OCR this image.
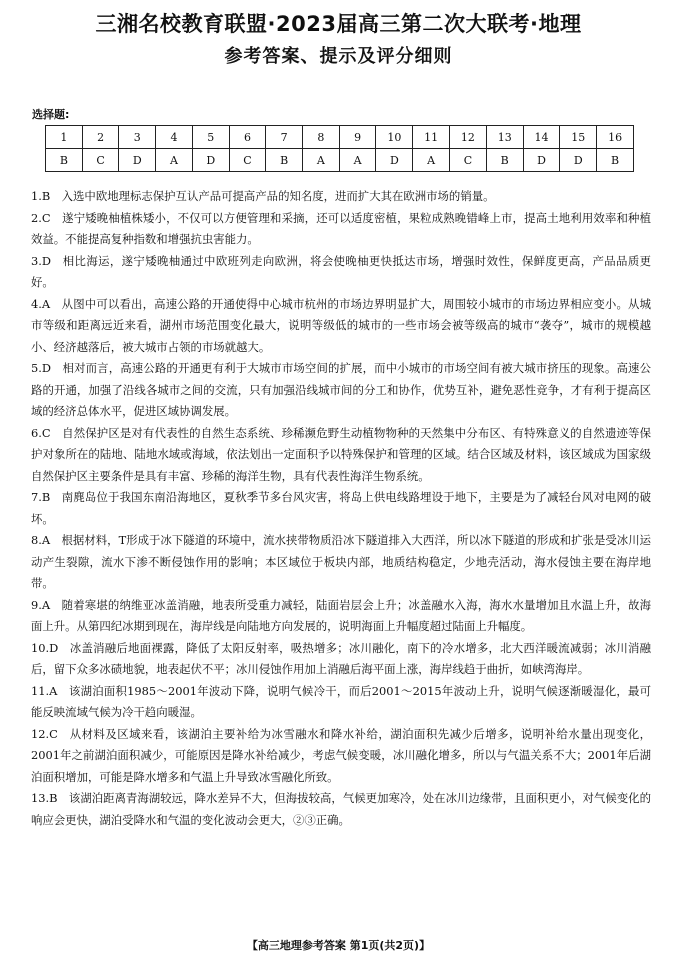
三湘名校教育联盟·2023届高三第二次大联考·地理
参考答案、提示及评分细则
选择题:
1	2	3	4	5	6	7	8	9	10	11	12	13	14	15	16
B	C	D	A	D	C	B	A	A	D	A	C	B	D	D	B
1.B  入选中欧地理标志保护互认产品可提高产品的知名度，进而扩大其在欧洲市场的销量。
2.C  遂宁矮晚柚植株矮小，不仅可以方便管理和采摘，还可以适度密植，果粒成熟晚错峰上市，提高土地利用效率和种植效益。不能提高复种指数和增强抗虫害能力。
3.D  相比海运，遂宁矮晚柚通过中欧班列走向欧洲，将会使晚柚更快抵达市场，增强时效性，保鲜度更高，产品品质更好。
4.A  从图中可以看出，高速公路的开通使得中心城市杭州的市场边界明显扩大，周围较小城市的市场边界相应变小。从城市等级和距离远近来看，湖州市场范围变化最大，说明等级低的城市的一些市场会被等级高的城市“袭夺”，城市的规模越小、经济越落后，被大城市占领的市场就越大。
5.D  相对而言，高速公路的开通更有利于大城市市场空间的扩展，而中小城市的市场空间有被大城市挤压的现象。高速公路的开通，加强了沿线各城市之间的交流，只有加强沿线城市间的分工和协作，优势互补，避免恶性竞争，才有利于提高区域的经济总体水平，促进区域协调发展。
6.C  自然保护区是对有代表性的自然生态系统、珍稀濒危野生动植物物种的天然集中分布区、有特殊意义的自然遗迹等保护对象所在的陆地、陆地水域或海域，依法划出一定面积予以特殊保护和管理的区域。结合区域及材料，该区域成为国家级自然保护区主要条件是具有丰富、珍稀的海洋生物，具有代表性海洋生物系统。
7.B  南麂岛位于我国东南沿海地区，夏秋季节多台风灾害，将岛上供电线路埋设于地下，主要是为了减轻台风对电网的破坏。
8.A  根据材料，T形成于冰下隧道的环境中，流水挟带物质沿冰下隧道排入大西洋，所以冰下隧道的形成和扩张是受冰川运动产生裂隙，流水下渗不断侵蚀作用的影响；本区域位于板块内部，地质结构稳定，少地壳活动，海水侵蚀主要在海岸地带。
9.A  随着寒堪的纳维亚冰盖消融，地表所受重力减轻，陆面岩层会上升；冰盖融水入海，海水水量增加且水温上升，故海面上升。从第四纪冰期到现在，海岸线是向陆地方向发展的，说明海面上升幅度超过陆面上升幅度。
10.D  冰盖消融后地面裸露，降低了太阳反射率，吸热增多；冰川融化，南下的冷水增多，北大西洋暖流减弱；冰川消融后，留下众多冰碛地貌，地表起伏不平；冰川侵蚀作用加上消融后海平面上涨，海岸线趋于曲折，如峡湾海岸。
11.A  该湖泊面积1985～2001年波动下降，说明气候冷干，而后2001～2015年波动上升，说明气候逐渐暖湿化，最可能反映流域气候为冷干趋向暖湿。
12.C  从材料及区域来看，该湖泊主要补给为冰雪融水和降水补给，湖泊面积先减少后增多，说明补给水量出现变化，2001年之前湖泊面积减少，可能原因是降水补给减少，考虑气候变暖，冰川融化增多，所以与气温关系不大；2001年后湖泊面积增加，可能是降水增多和气温上升导致冰雪融化所致。
13.B  该湖泊距离青海湖较远，降水差异不大，但海拔较高，气候更加寒冷，处在冰川边缘带，且面积更小，对气候变化的响应会更快，湖泊受降水和气温的变化波动会更大，②③正确。
【高三地理参考答案 第1页(共2页)】
